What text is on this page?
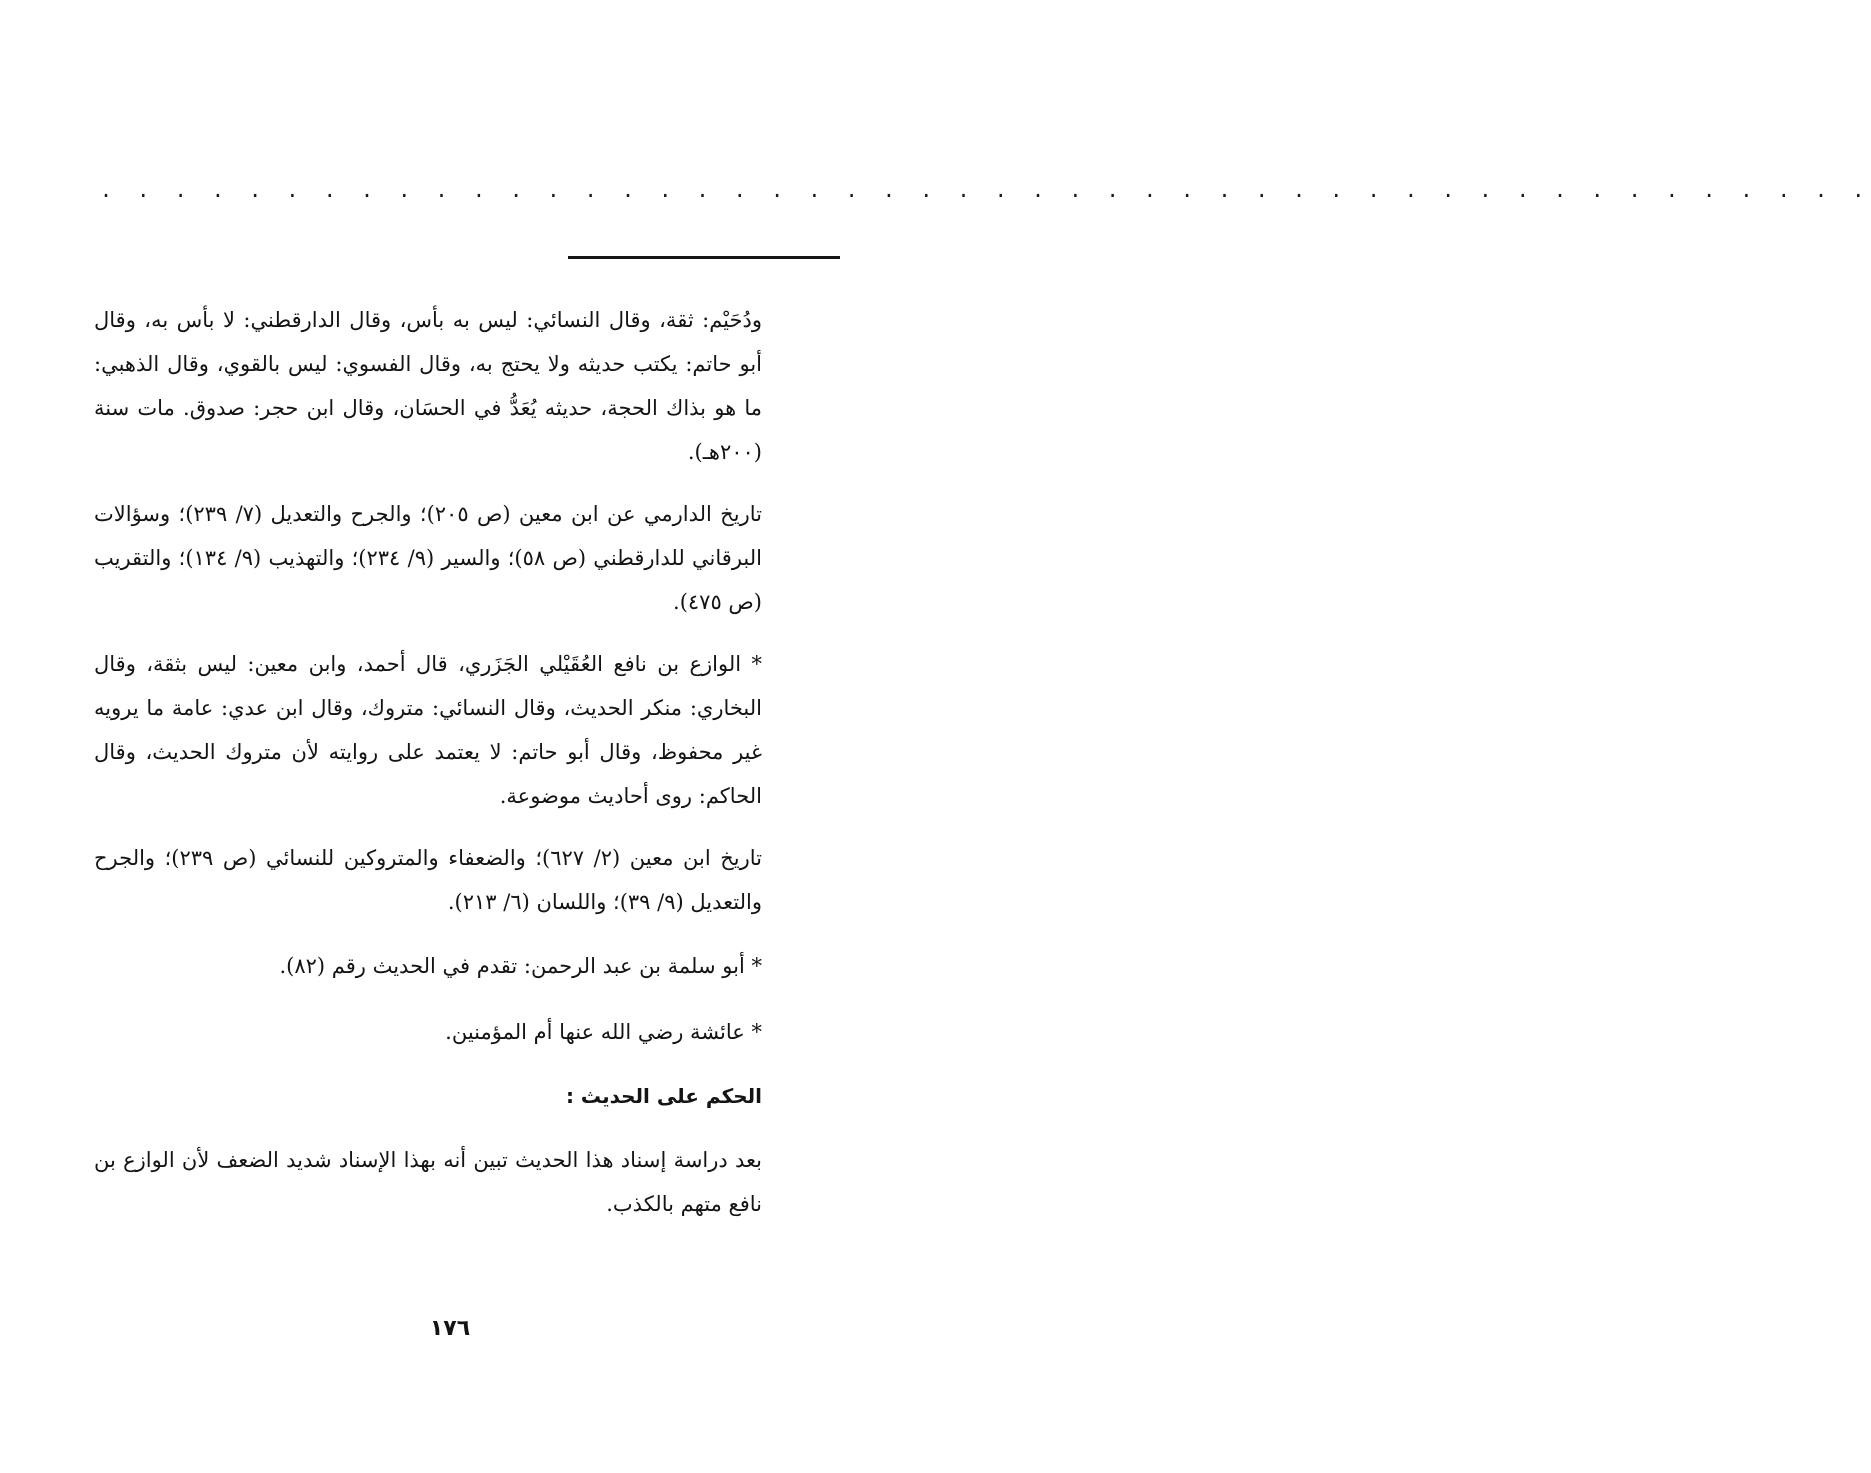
. . . . . . . . . . . . . . . . . . . . . . . . . . . . . . . . . . . . . . . . . . . . . . . .

ودُحَيْم: ثقة، وقال النسائي: ليس به بأس، وقال الدارقطني: لا بأس به، وقال أبو حاتم: يكتب حديثه ولا يحتج به، وقال الفسوي: ليس بالقوي، وقال الذهبي: ما هو بذاك الحجة، حديثه يُعَدُّ في الحسَان، وقال ابن حجر: صدوق. مات سنة (٢٠٠هـ).

تاريخ الدارمي عن ابن معين (ص ٢٠٥)؛ والجرح والتعديل (٧/ ٢٣٩)؛ وسؤالات البرقاني للدارقطني (ص ٥٨)؛ والسير (٩/ ٢٣٤)؛ والتهذيب (٩/ ١٣٤)؛ والتقريب (ص ٤٧٥).

* الوازع بن نافع العُقَيْلي الجَزَري، قال أحمد، وابن معين: ليس بثقة، وقال البخاري: منكر الحديث، وقال النسائي: متروك، وقال ابن عدي: عامة ما يرويه غير محفوظ، وقال أبو حاتم: لا يعتمد على روايته لأن متروك الحديث، وقال الحاكم: روى أحاديث موضوعة.

تاريخ ابن معين (٢/ ٦٢٧)؛ والضعفاء والمتروكين للنسائي (ص ٢٣٩)؛ والجرح والتعديل (٩/ ٣٩)؛ واللسان (٦/ ٢١٣).

* أبو سلمة بن عبد الرحمن: تقدم في الحديث رقم (٨٢).

* عائشة رضي الله عنها أم المؤمنين.

الحكم على الحديث :

بعد دراسة إسناد هذا الحديث تبين أنه بهذا الإسناد شديد الضعف لأن الوازع بن نافع متهم بالكذب.

١٧٦
